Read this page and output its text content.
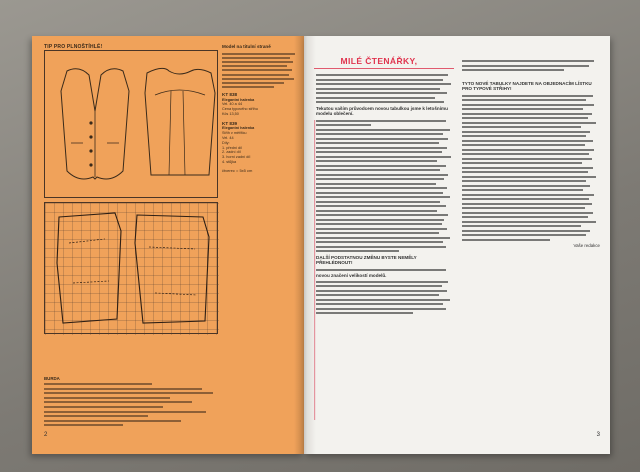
TIP PRO PLNOŠTÍHLÉ!	Model na titulní straně
KT 838
Elegantní halenka
Vel. 40 a 44
Cena typového střihu
Kčs 13,50
KT 839
Elegantní halenka
Střih v měřítku
Vel. 44
Díly:
1. přední díl
2. zadní díl
3. horní zadní díl
4. stůjka
čtverec = 5x5 cm
BURDA
2
MILÉ ČTENÁŘKY,
Tekutou vaším průvodcem novou tabulkou jsme k letošnímu modelu oblečení.
DALŠÍ PODSTATNOU ZMĚNU BYSTE NEMĚLY PŘEHLÉDNOUT!
novou značení velikostí modelů.
TYTO NOVÉ TABULKY NAJDETE NA OBJEDNACÍM LÍSTKU PRO TYPOVÉ STŘIHY!
Vaše redakce
3
